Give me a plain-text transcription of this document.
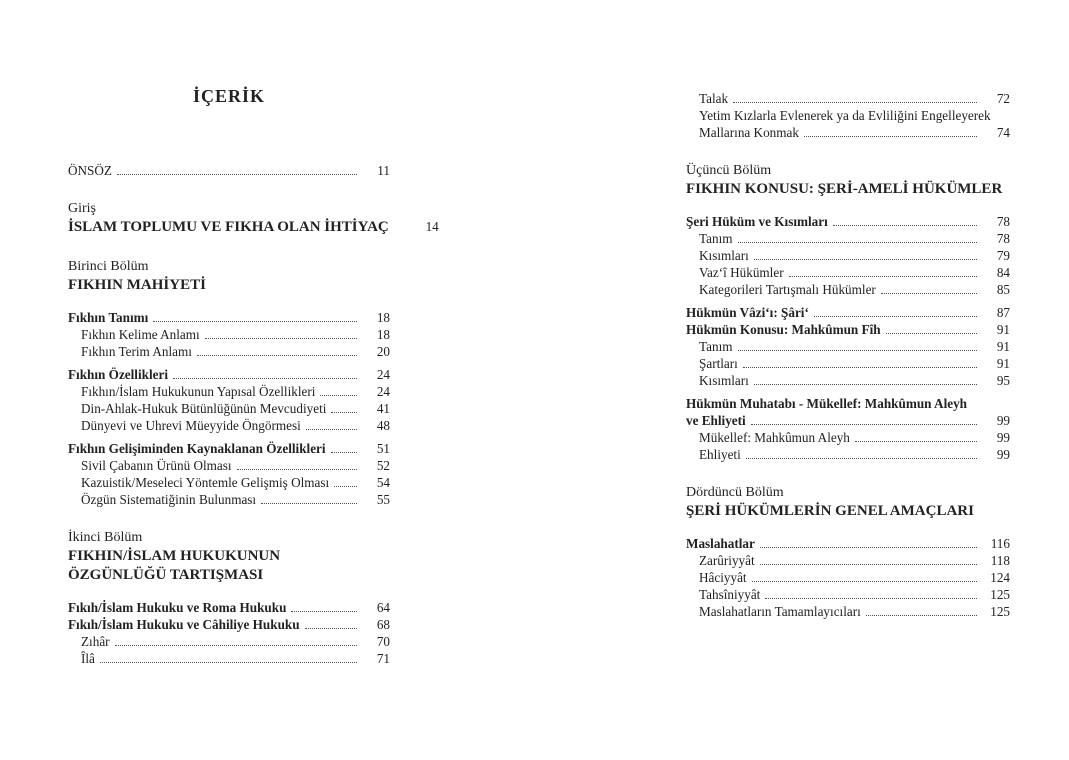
İÇERİK
ÖNSÖZ	11
Giriş
İSLAM TOPLUMU VE FIKHA OLAN İHTİYAÇ	14
Birinci Bölüm
FIKHIN MAHİYETİ
Fıkhın Tanımı	18
Fıkhın Kelime Anlamı	18
Fıkhın Terim Anlamı	20
Fıkhın Özellikleri	24
Fıkhın/İslam Hukukunun Yapısal Özellikleri	24
Din-Ahlak-Hukuk Bütünlüğünün Mevcudiyeti	41
Dünyevi ve Uhrevi Müeyyide Öngörmesi	48
Fıkhın Gelişiminden Kaynaklanan Özellikleri	51
Sivil Çabanın Ürünü Olması	52
Kazuistik/Meseleci Yöntemle Gelişmiş Olması	54
Özgün Sistematiğinin Bulunması	55
İkinci Bölüm
FIKHIN/İSLAM HUKUKUNUN
ÖZGÜNLÜĞÜ TARTIŞMASI
Fıkıh/İslam Hukuku ve Roma Hukuku	64
Fıkıh/İslam Hukuku ve Câhiliye Hukuku	68
Zıhâr	70
Îlâ	71
Talak	72
Yetim Kızlarla Evlenerek ya da Evliliğini Engelleyerek
Mallarına Konmak	74
Üçüncü Bölüm
FIKHIN KONUSU: ŞERİ-AMELİ HÜKÜMLER
Şeri Hüküm ve Kısımları	78
Tanım	78
Kısımları	79
Vaz‘î Hükümler	84
Kategorileri Tartışmalı Hükümler	85
Hükmün Vâzi‘ı: Şâri‘	87
Hükmün Konusu: Mahkûmun Fîh	91
Tanım	91
Şartları	91
Kısımları	95
Hükmün Muhatabı - Mükellef: Mahkûmun Aleyh
ve Ehliyeti	99
Mükellef: Mahkûmun Aleyh	99
Ehliyeti	99
Dördüncü Bölüm
ŞERİ HÜKÜMLERİN GENEL AMAÇLARI
Maslahatlar	116
Zarûriyyât	118
Hâciyyât	124
Tahsîniyyât	125
Maslahatların Tamamlayıcıları	125
